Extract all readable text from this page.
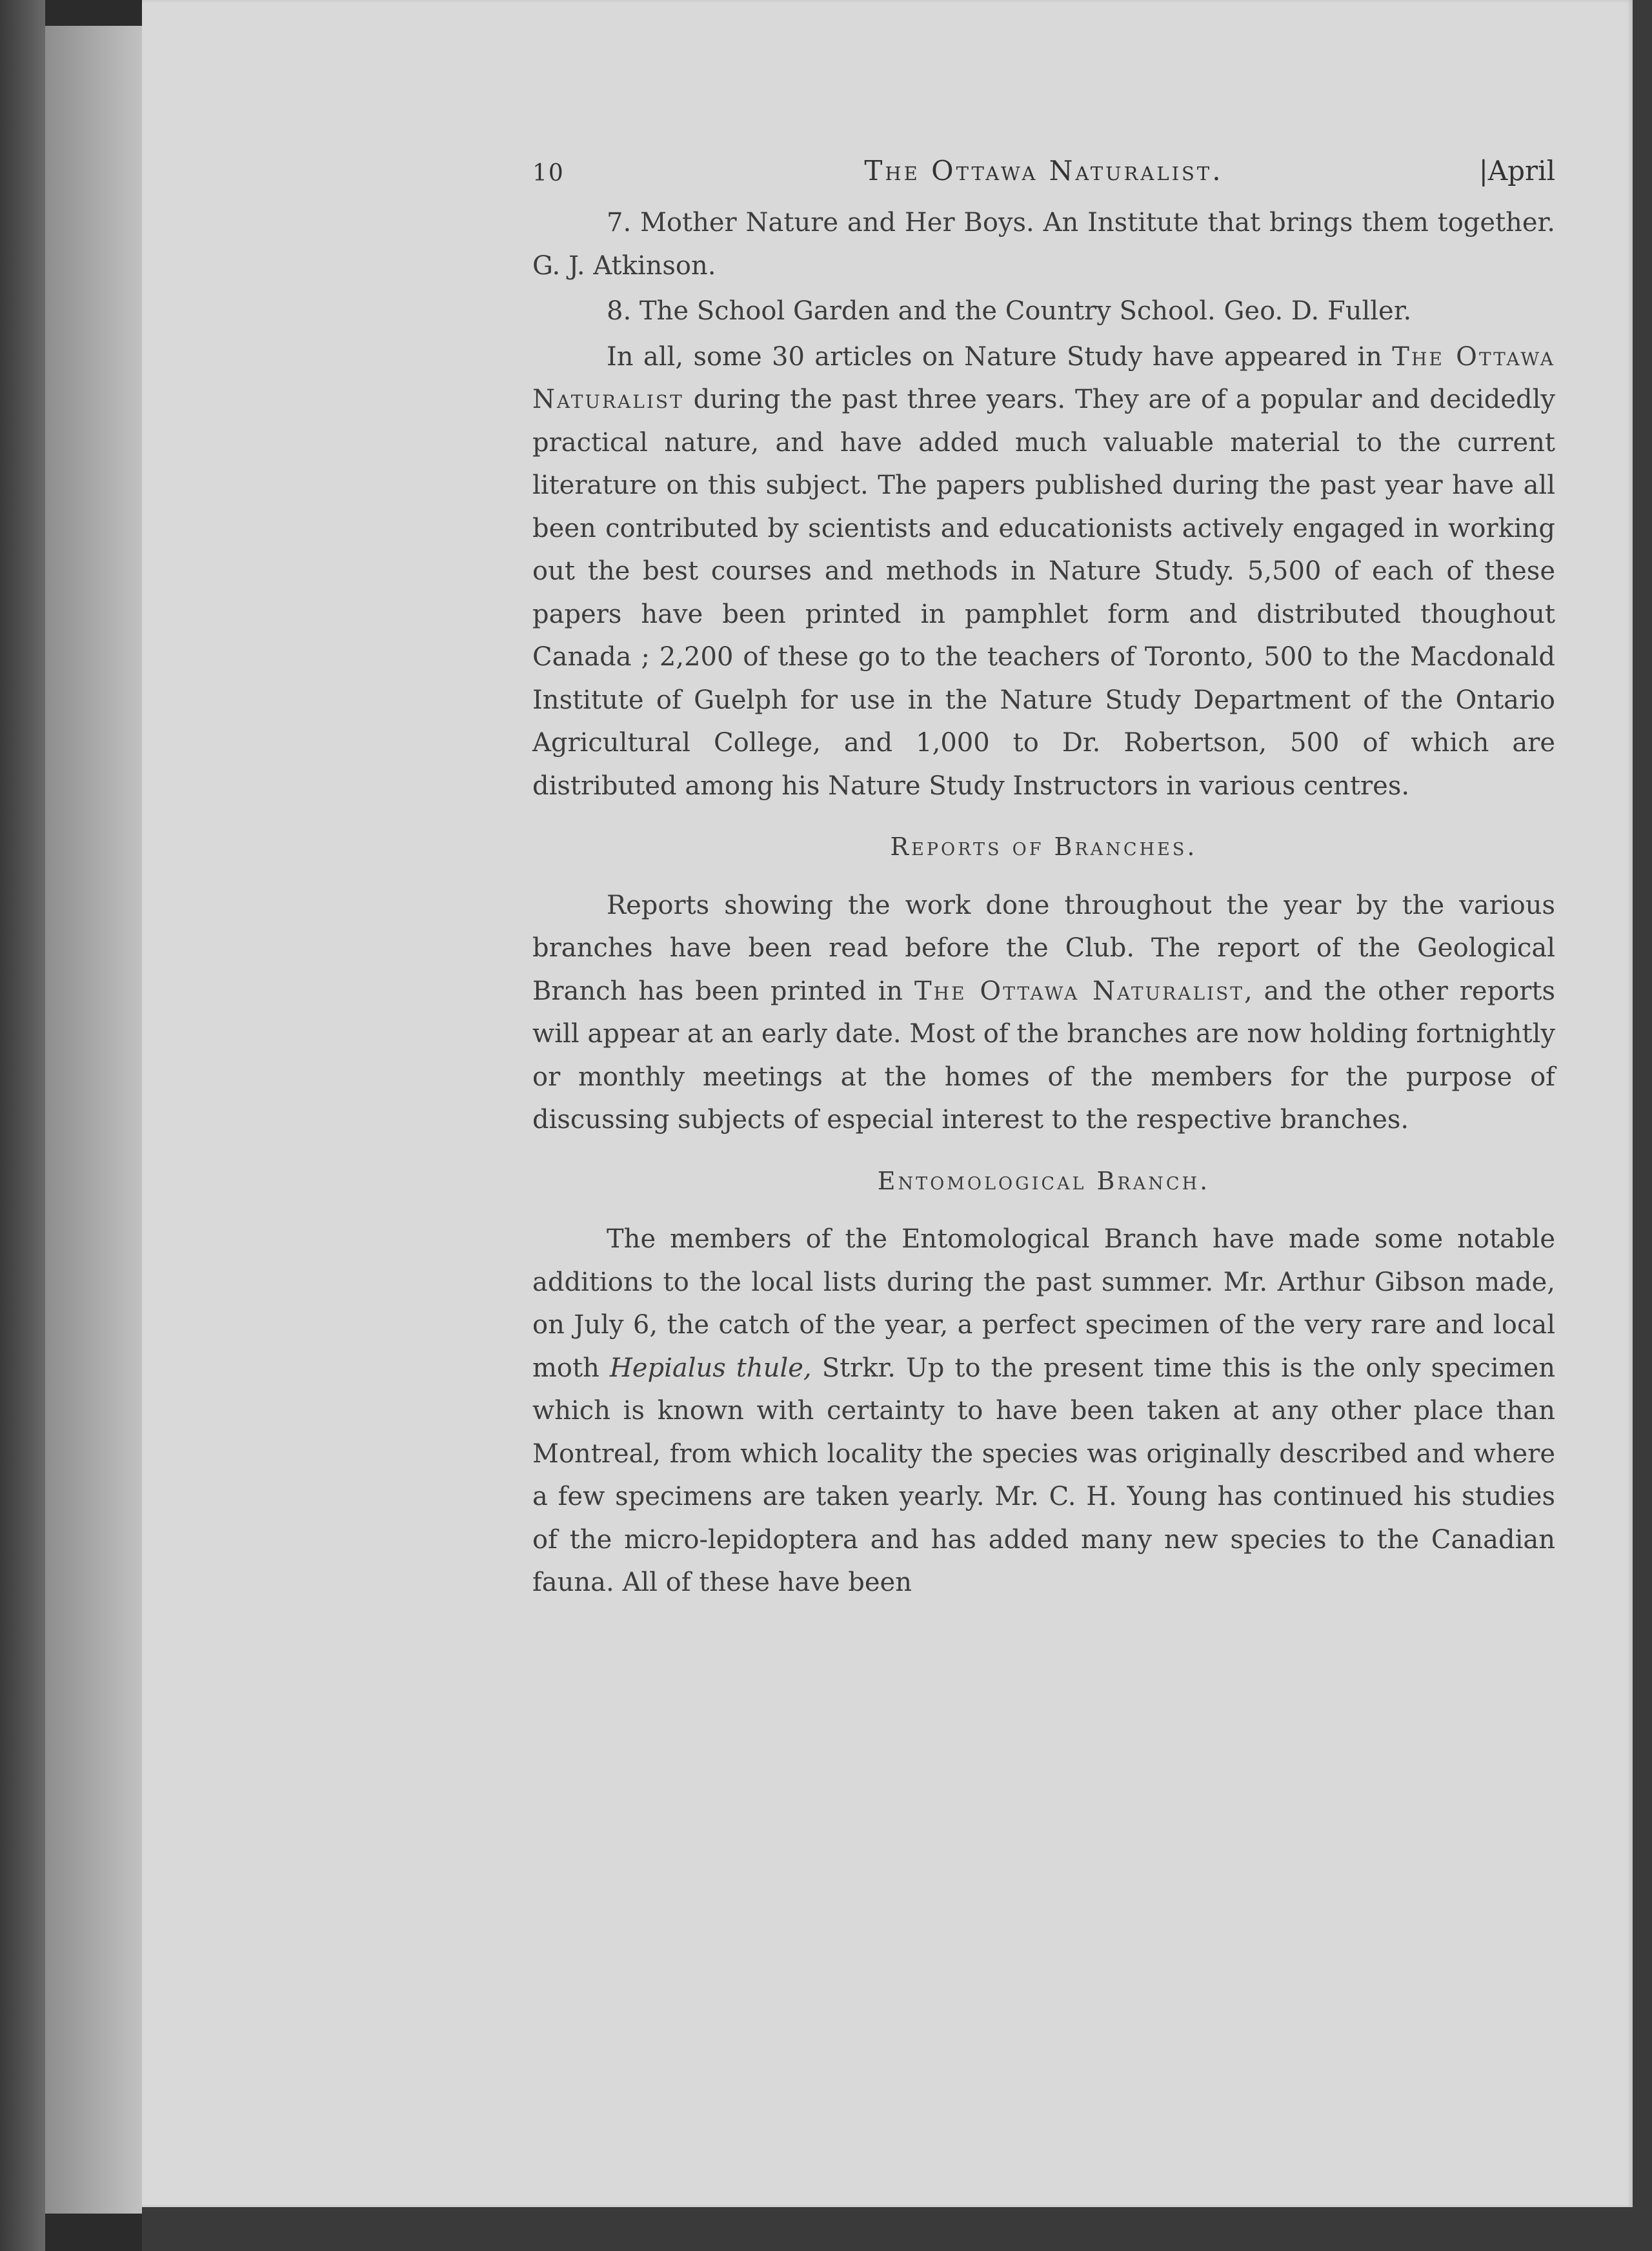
10	The Ottawa Naturalist.	|April

7. Mother Nature and Her Boys. An Institute that brings them together. G. J. Atkinson.

8. The School Garden and the Country School. Geo. D. Fuller.

In all, some 30 articles on Nature Study have appeared in The Ottawa Naturalist during the past three years. They are of a popular and decidedly practical nature, and have added much valuable material to the current literature on this subject. The papers published during the past year have all been contributed by scientists and educationists actively engaged in working out the best courses and methods in Nature Study. 5,500 of each of these papers have been printed in pamphlet form and distributed thoughout Canada ; 2,200 of these go to the teachers of Toronto, 500 to the Macdonald Institute of Guelph for use in the Nature Study Department of the Ontario Agricultural College, and 1,000 to Dr. Robertson, 500 of which are distributed among his Nature Study Instructors in various centres.

Reports of Branches.

Reports showing the work done throughout the year by the various branches have been read before the Club. The report of the Geological Branch has been printed in The Ottawa Naturalist, and the other reports will appear at an early date. Most of the branches are now holding fortnightly or monthly meetings at the homes of the members for the purpose of discussing subjects of especial interest to the respective branches.

Entomological Branch.

The members of the Entomological Branch have made some notable additions to the local lists during the past summer. Mr. Arthur Gibson made, on July 6, the catch of the year, a perfect specimen of the very rare and local moth Hepialus thule, Strkr. Up to the present time this is the only specimen which is known with certainty to have been taken at any other place than Montreal, from which locality the species was originally described and where a few specimens are taken yearly. Mr. C. H. Young has continued his studies of the micro-lepidoptera and has added many new species to the Canadian fauna. All of these have been
